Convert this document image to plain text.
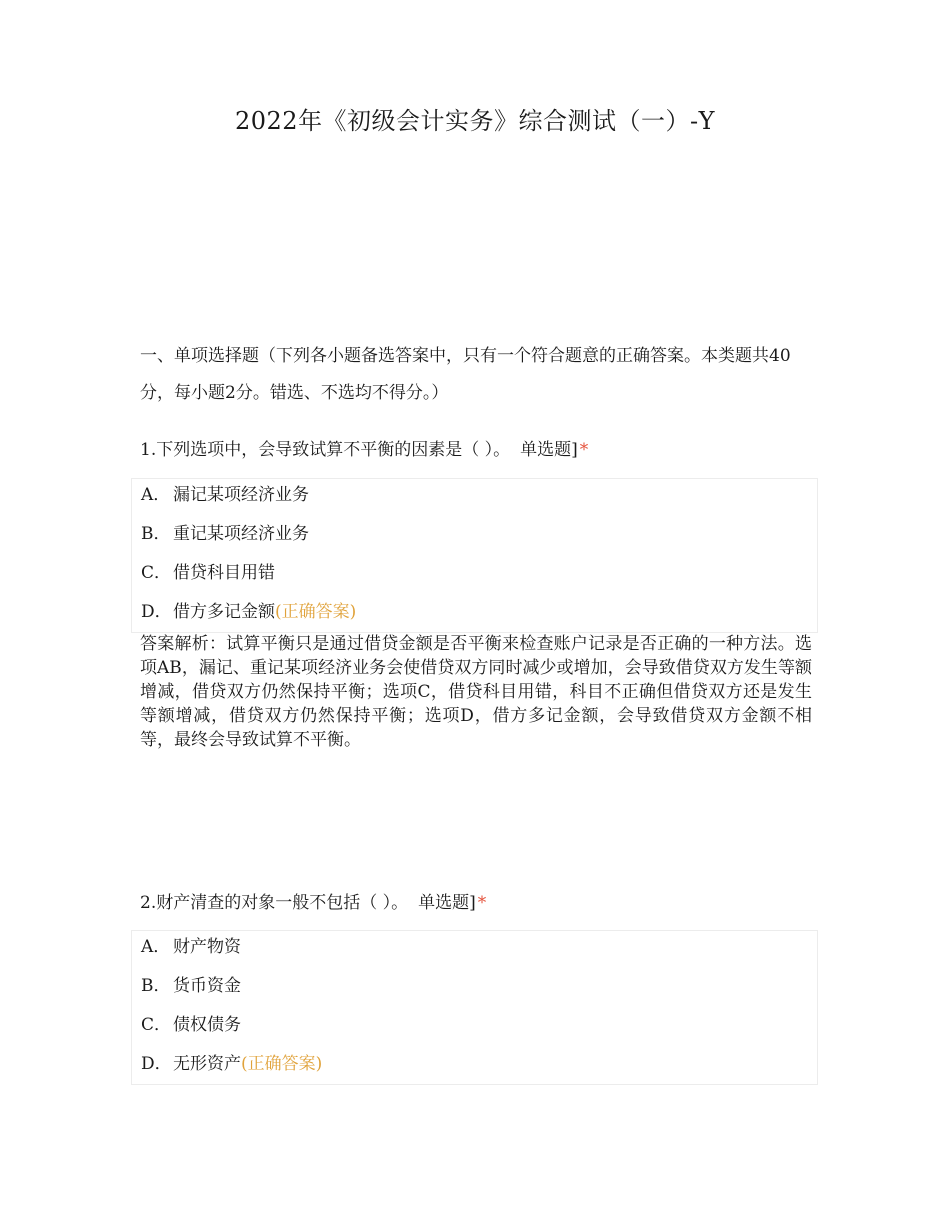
2022年《初级会计实务》综合测试（一）-Y
一、单项选择题（下列各小题备选答案中，只有一个符合题意的正确答案。本类题共40分，每小题2分。错选、不选均不得分。）
1.下列选项中，会导致试算不平衡的因素是（ ）。 单选题] *
A． 漏记某项经济业务
B． 重记某项经济业务
C． 借贷科目用错
D．借方多记金额(正确答案)
答案解析：试算平衡只是通过借贷金额是否平衡来检查账户记录是否正确的一种方法。选项AB，漏记、重记某项经济业务会使借贷双方同时减少或增加，会导致借贷双方发生等额增减，借贷双方仍然保持平衡；选项C，借贷科目用错，科目不正确但借贷双方还是发生等额增减，借贷双方仍然保持平衡；选项D，借方多记金额，会导致借贷双方金额不相等，最终会导致试算不平衡。
2.财产清查的对象一般不包括（ ）。 单选题] *
A． 财产物资
B． 货币资金
C． 债权债务
D．无形资产(正确答案)
